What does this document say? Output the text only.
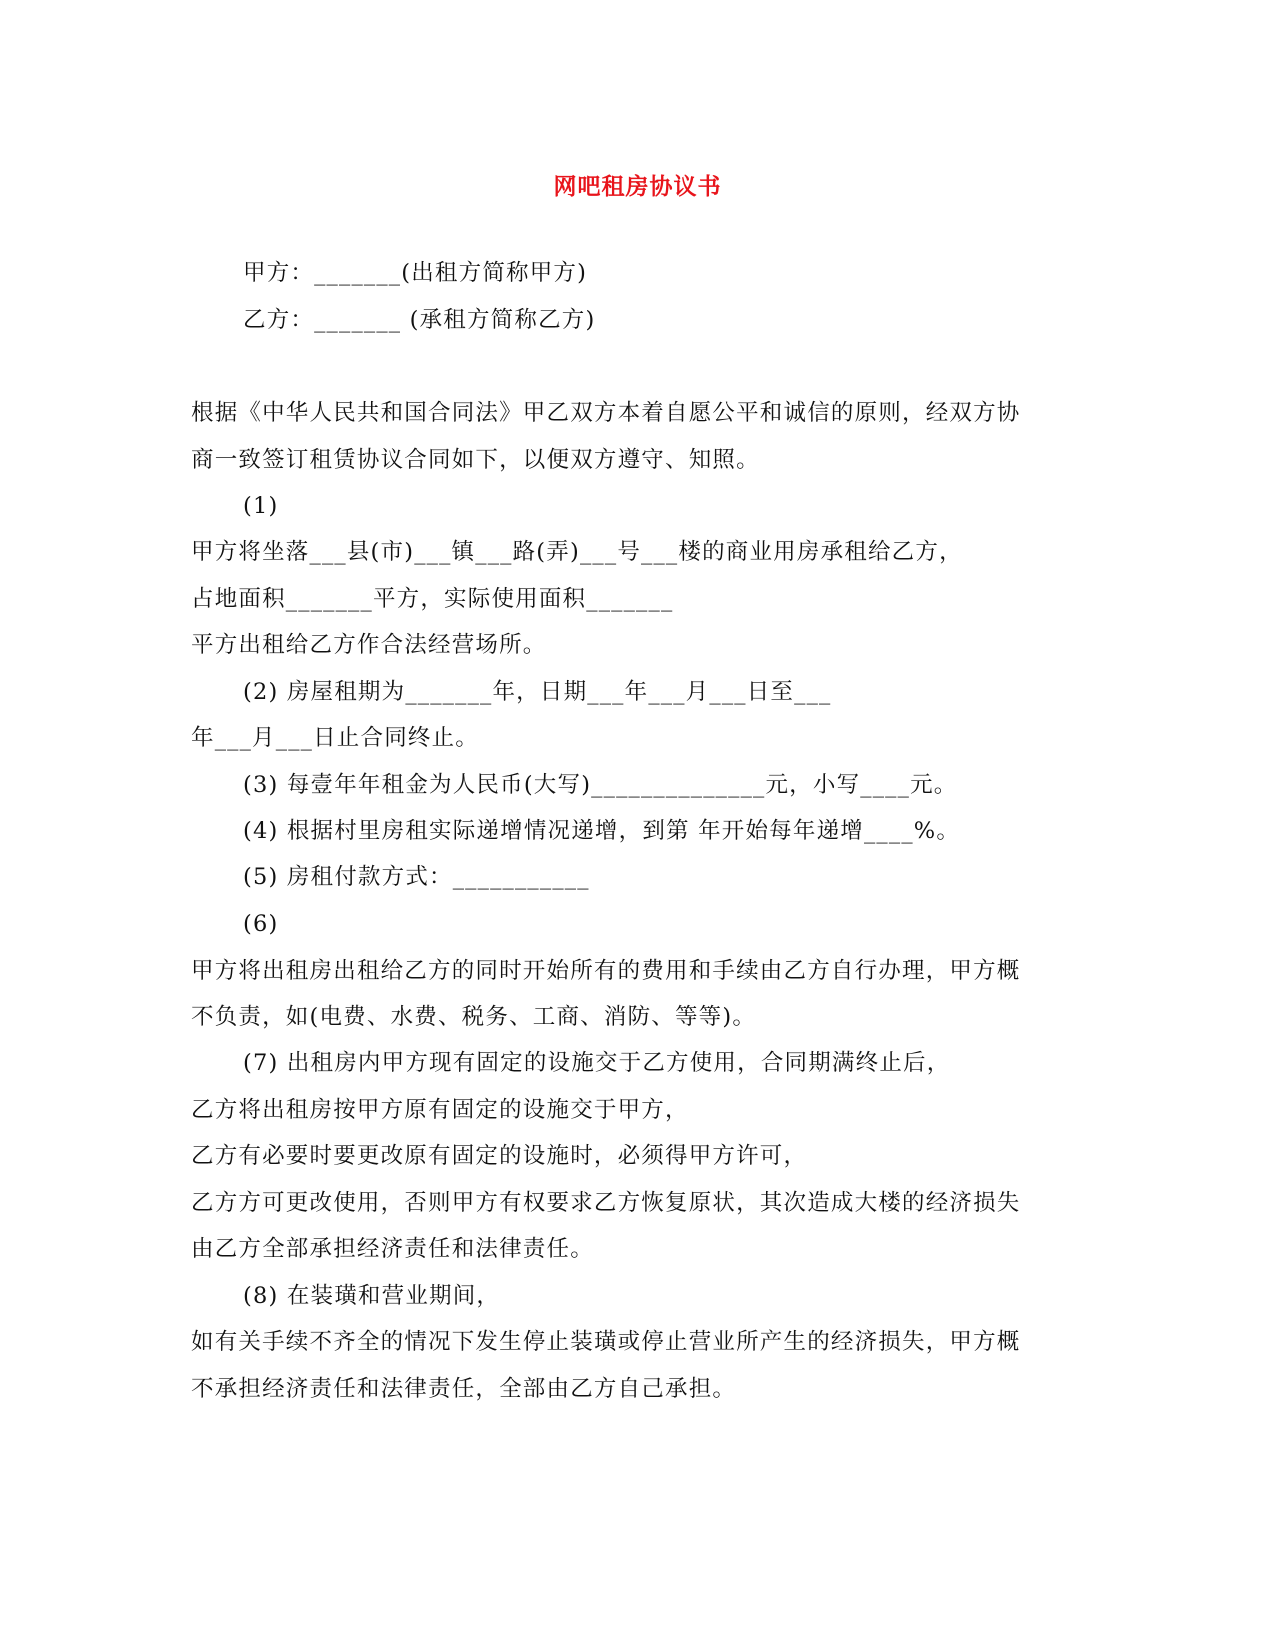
网吧租房协议书
甲方：_______(出租方简称甲方)
乙方：_______ (承租方简称乙方)
根据《中华人民共和国合同法》甲乙双方本着自愿公平和诚信的原则，经双方协
商一致签订租赁协议合同如下，以便双方遵守、知照。
(1)
甲方将坐落___县(市)___镇___路(弄)___号___楼的商业用房承租给乙方，
占地面积_______平方，实际使用面积_______
平方出租给乙方作合法经营场所。
(2) 房屋租期为_______年，日期___年___月___日至___
年___月___日止合同终止。
(3) 每壹年年租金为人民币(大写)______________元，小写____元。
(4) 根据村里房租实际递增情况递增，到第 年开始每年递增____%。
(5) 房租付款方式：___________
(6)
甲方将出租房出租给乙方的同时开始所有的费用和手续由乙方自行办理，甲方概
不负责，如(电费、水费、税务、工商、消防、等等)。
(7) 出租房内甲方现有固定的设施交于乙方使用，合同期满终止后，
乙方将出租房按甲方原有固定的设施交于甲方，
乙方有必要时要更改原有固定的设施时，必须得甲方许可，
乙方方可更改使用，否则甲方有权要求乙方恢复原状，其次造成大楼的经济损失
由乙方全部承担经济责任和法律责任。
(8) 在装璜和营业期间，
如有关手续不齐全的情况下发生停止装璜或停止营业所产生的经济损失，甲方概
不承担经济责任和法律责任，全部由乙方自己承担。
